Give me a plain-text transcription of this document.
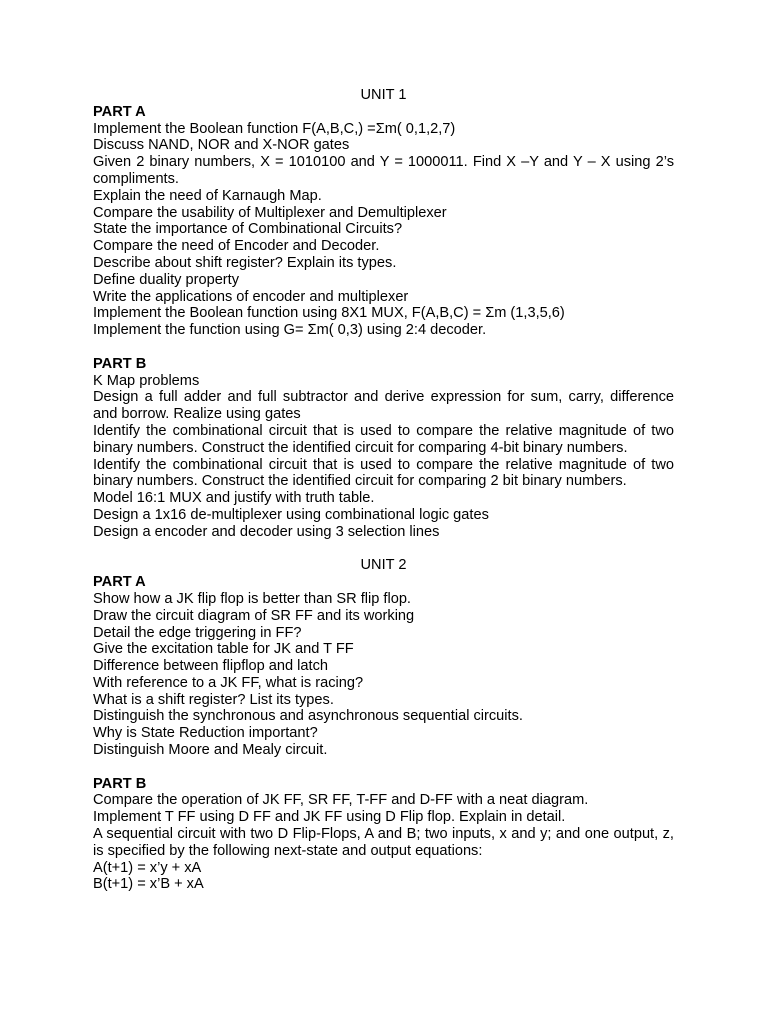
UNIT 1
PART A
Implement the Boolean function F(A,B,C,) =Σm( 0,1,2,7)
Discuss NAND, NOR and X-NOR gates
Given 2 binary numbers, X = 1010100 and Y = 1000011. Find X –Y and Y – X using 2’s compliments.
Explain the need of Karnaugh Map.
Compare the usability of Multiplexer and Demultiplexer
State the importance of Combinational Circuits?
Compare the need of Encoder and Decoder.
Describe about shift register? Explain its types.
Define duality property
Write the applications of encoder and multiplexer
Implement the Boolean function using 8X1 MUX, F(A,B,C) = Σm (1,3,5,6)
Implement the function using G= Σm( 0,3) using 2:4 decoder.
PART B
K Map problems
Design a full adder and full subtractor and derive expression for sum, carry, difference and borrow. Realize using gates
Identify the combinational circuit that is used to compare the relative magnitude of two binary numbers. Construct the identified circuit for comparing 4-bit binary numbers.
Identify the combinational circuit that is used to compare the relative magnitude of two binary numbers. Construct the identified circuit for comparing 2 bit binary numbers.
Model 16:1 MUX and justify with truth table.
Design a 1x16 de-multiplexer using combinational logic gates
Design a encoder and decoder using 3 selection lines
UNIT 2
PART A
Show how a JK flip flop is better than SR flip flop.
Draw the circuit diagram of SR FF and its working
Detail the edge triggering in FF?
Give the excitation table for JK and T FF
Difference between flipflop and latch
With reference to a JK FF, what is racing?
What is a shift register? List its types.
Distinguish the synchronous and asynchronous sequential circuits.
Why is State Reduction important?
Distinguish Moore and Mealy circuit.
PART B
Compare the operation of JK FF, SR FF, T-FF and D-FF with a neat diagram.
Implement T FF using D FF and JK FF using D Flip flop. Explain in detail.
A sequential circuit with two D Flip-Flops, A and B; two inputs, x and y; and one output, z, is specified by the following next-state and output equations:
A(t+1) = x’y + xA
B(t+1) = x’B + xA
